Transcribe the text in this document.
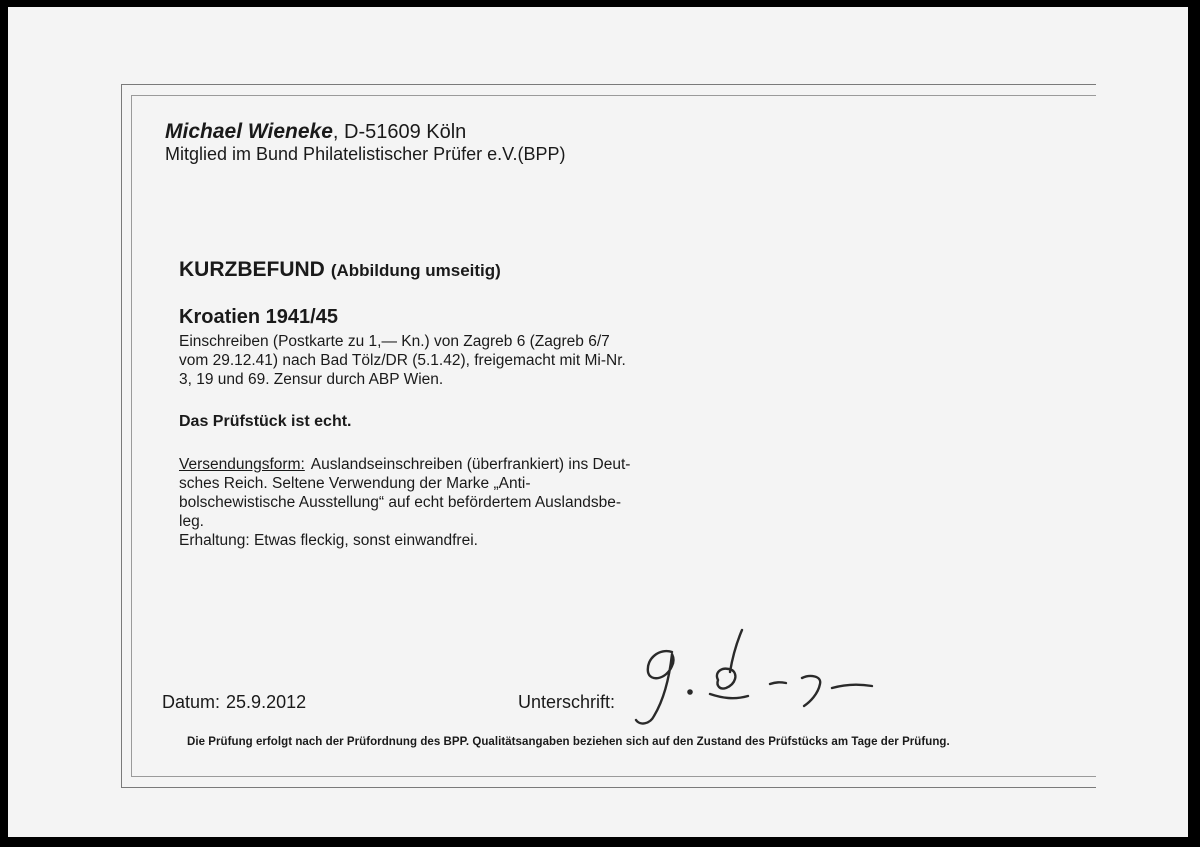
Michael Wieneke, D-51609 Köln
Mitglied im Bund Philatelistischer Prüfer e.V.(BPP)
KURZBEFUND (Abbildung umseitig)
Kroatien 1941/45
Einschreiben (Postkarte zu 1,— Kn.) von Zagreb 6 (Zagreb 6/7
vom 29.12.41) nach Bad Tölz/DR (5.1.42), freigemacht mit Mi-Nr.
3, 19 und 69. Zensur durch ABP Wien.
Das Prüfstück ist echt.
Versendungsform: Auslandseinschreiben (überfrankiert) ins Deut-
sches Reich. Seltene Verwendung der Marke „Anti-
bolschewistische Ausstellung“ auf echt befördertem Auslandsbe-
leg.
Erhaltung: Etwas fleckig, sonst einwandfrei.
Datum: 25.9.2012	Unterschrift:
Die Prüfung erfolgt nach der Prüfordnung des BPP. Qualitätsangaben beziehen sich auf den Zustand des Prüfstücks am Tage der Prüfung.
